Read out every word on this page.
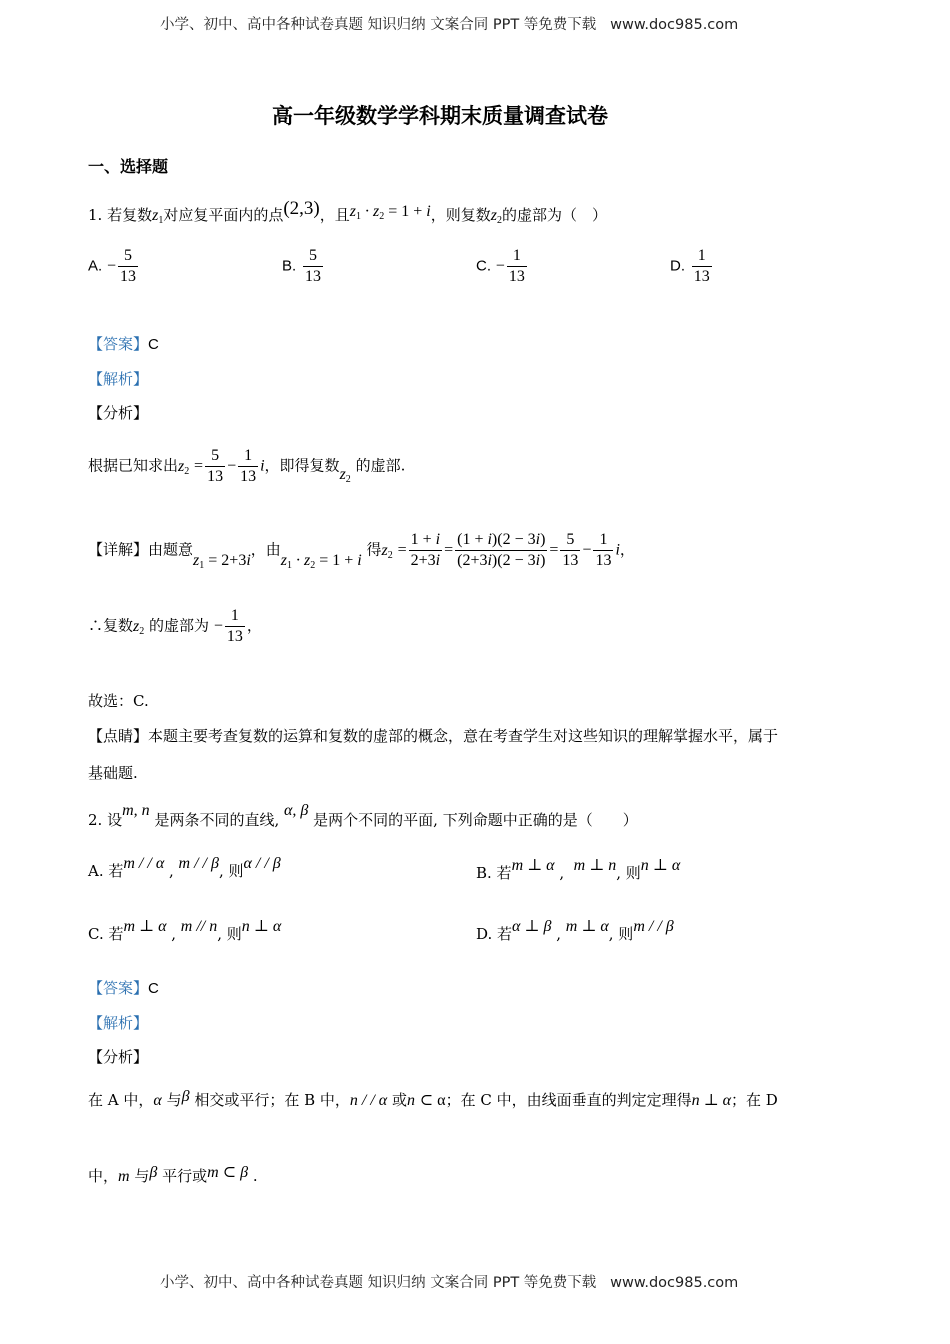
小学、初中、高中各种试卷真题 知识归纳 文案合同 PPT 等免费下载 www.doc985.com
高一年级数学学科期末质量调查试卷
一、选择题
1. 若复数$z_1$对应复平面内的点(2,3)，且$z_1 \cdot z_2 = 1 + i$，则复数$z_2$的虚部为（　）
A. − $\frac{5}{13}$	B. $\frac{5}{13}$	C. − $\frac{1}{13}$	D. $\frac{1}{13}$
【答案】C
【解析】
【分析】
根据已知求出$z_2 = \frac{5}{13} - \frac{1}{13}$ i，即得复数$z_2$ 的虚部.
【详解】由题意$z_1 = 2+3i$，由$z_1 \cdot z_2 = 1 + i$ 得$z_2 = \frac{1 + i}{2+3i} = \frac{(1 + i)(2 - 3i)}{(2+3i)(2 - 3i)} = \frac{5}{13} - \frac{1}{13}$ i，
∴复数$z_2$ 的虚部为 − $\frac{1}{13}$ ，
故选：C.
【点睛】本题主要考查复数的运算和复数的虚部的概念，意在考查学生对这些知识的理解掌握水平，属于
基础题.
2. 设m, n 是两条不同的直线, α, β 是两个不同的平面, 下列命题中正确的是（　　）
A. 若m / / α , m / / β, 则α / / β
B. 若m ⊥ α ,  m ⊥ n, 则n ⊥ α
C. 若m ⊥ α , m // n, 则n ⊥ α	D. 若α ⊥ β , m ⊥ α, 则m / / β
【答案】C
【解析】
【分析】
在 A 中，α 与β 相交或平行；在 B 中，n / / α 或n ⊂ α；在 C 中，由线面垂直的判定定理得n ⊥ α；在 D
中，m 与β 平行或m ⊂ β .
小学、初中、高中各种试卷真题 知识归纳 文案合同 PPT 等免费下载 www.doc985.com
